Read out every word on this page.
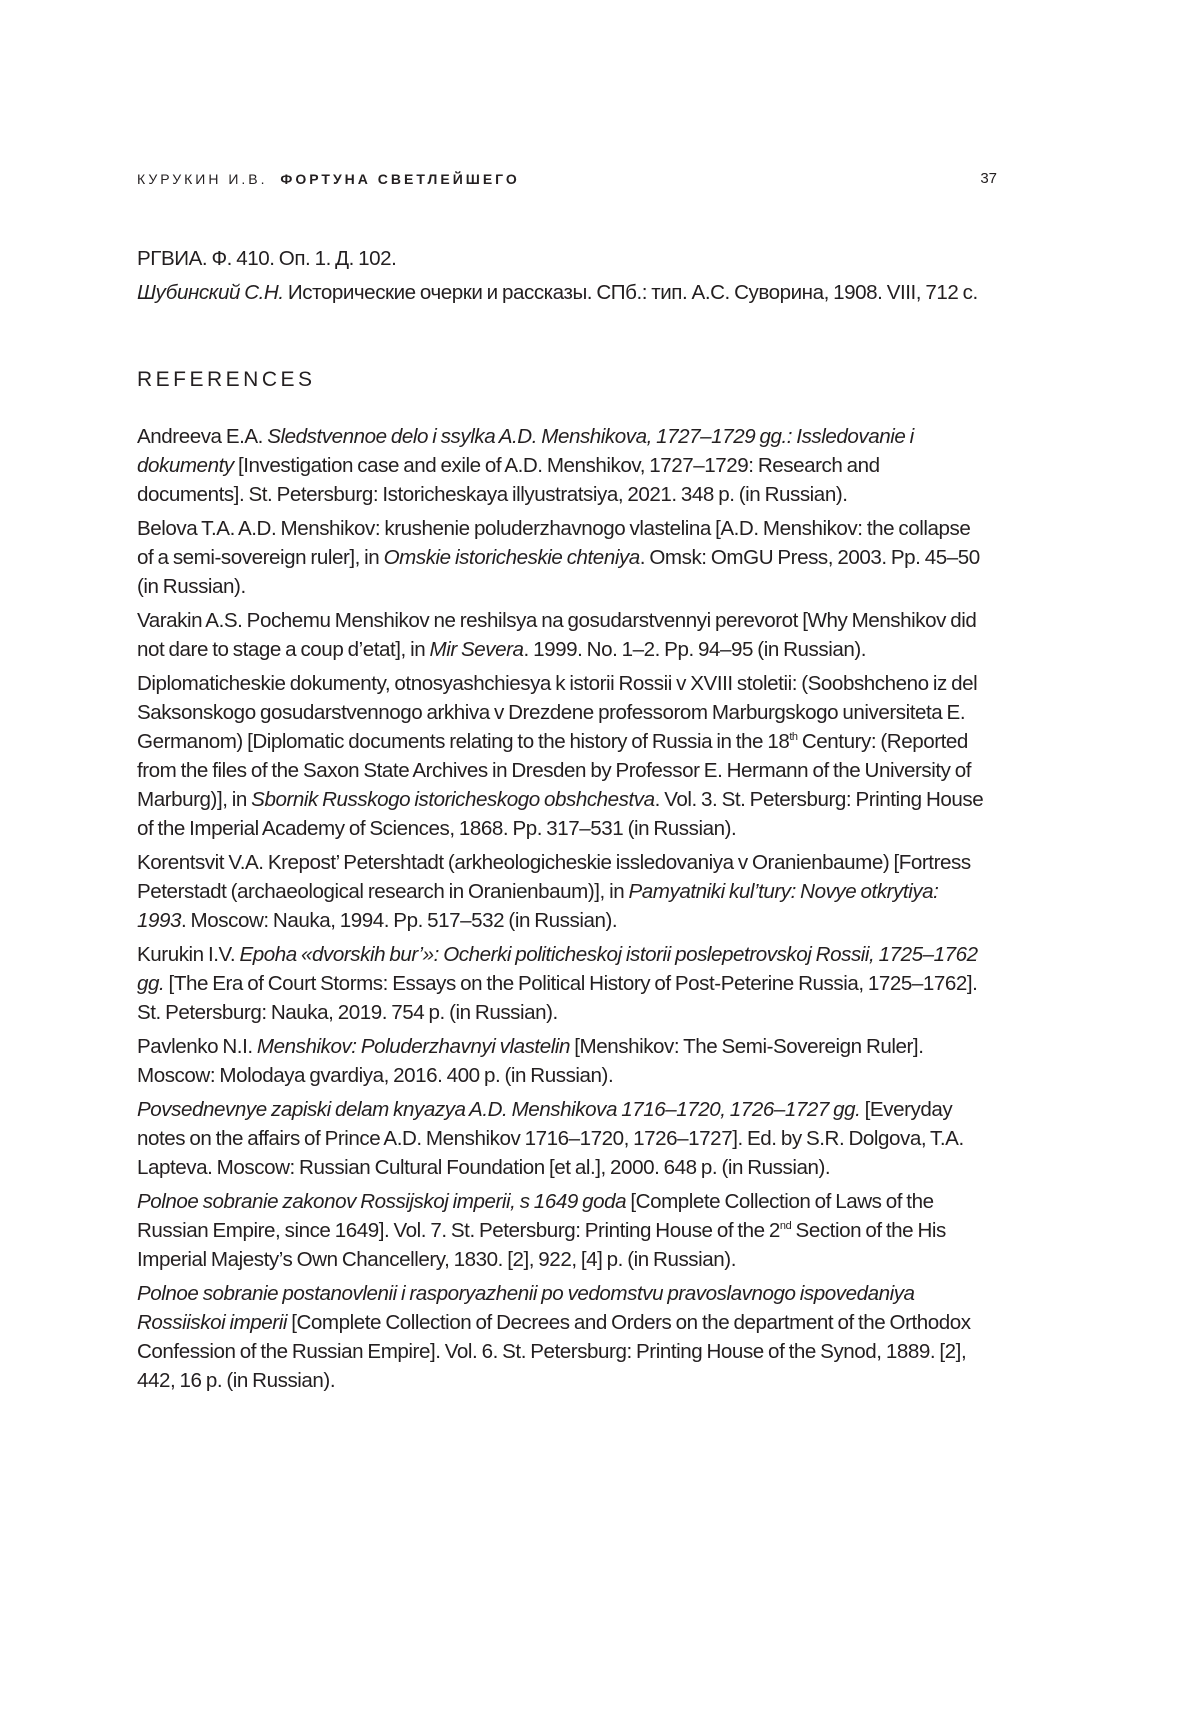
КУРУКИН И.В. ФОРТУНА СВЕТЛЕЙШЕГО	37

РГВИА. Ф. 410. Оп. 1. Д. 102.

Шубинский С.Н. Исторические очерки и рассказы. СПб.: тип. А.С. Суворина, 1908. VIII, 712 с.

REFERENCES

Andreeva E.A. Sledstvennoe delo i ssylka A.D. Menshikova, 1727–1729 gg.: Issledovanie i dokumenty [Investigation case and exile of A.D. Menshikov, 1727–1729: Research and documents]. St. Petersburg: Istoricheskaya illyustratsiya, 2021. 348 p. (in Russian).

Belova T.A. A.D. Menshikov: krushenie poluderzhavnogo vlastelina [A.D. Menshikov: the collapse of a semi-sovereign ruler], in Omskie istoricheskie chteniya. Omsk: OmGU Press, 2003. Pp. 45–50 (in Russian).

Varakin A.S. Pochemu Menshikov ne reshilsya na gosudarstvennyi perevorot [Why Menshikov did not dare to stage a coup d’etat], in Mir Severa. 1999. No. 1–2. Pp. 94–95 (in Russian).

Diplomaticheskie dokumenty, otnosyashchiesya k istorii Rossii v XVIII stoletii: (Soobshcheno iz del Saksonskogo gosudarstvennogo arkhiva v Drezdene professorom Marburgskogo universiteta E. Germanom) [Diplomatic documents relating to the history of Russia in the 18th Century: (Reported from the files of the Saxon State Archives in Dresden by Professor E. Hermann of the University of Marburg)], in Sbornik Russkogo istoricheskogo obshchestva. Vol. 3. St. Petersburg: Printing House of the Imperial Academy of Sciences, 1868. Pp. 317–531 (in Russian).

Korentsvit V.A. Krepost’ Petershtadt (arkheologicheskie issledovaniya v Oranienbaume) [Fortress Peterstadt (archaeological research in Oranienbaum)], in Pamyatniki kul’tury: Novye otkrytiya: 1993. Moscow: Nauka, 1994. Pp. 517–532 (in Russian).

Kurukin I.V. Epoha «dvorskih bur’»: Ocherki politicheskoj istorii poslepetrovskoj Rossii, 1725–1762 gg. [The Era of Court Storms: Essays on the Political History of Post-Peterine Russia, 1725–1762]. St. Petersburg: Nauka, 2019. 754 p. (in Russian).

Pavlenko N.I. Menshikov: Poluderzhavnyi vlastelin [Menshikov: The Semi-Sovereign Ruler]. Moscow: Molodaya gvardiya, 2016. 400 p. (in Russian).

Povsednevnye zapiski delam knyazya A.D. Menshikova 1716–1720, 1726–1727 gg. [Everyday notes on the affairs of Prince A.D. Menshikov 1716–1720, 1726–1727]. Ed. by S.R. Dolgova, T.A. Lapteva. Moscow: Russian Cultural Foundation [et al.], 2000. 648 p. (in Russian).

Polnoe sobranie zakonov Rossijskoj imperii, s 1649 goda [Complete Collection of Laws of the Russian Empire, since 1649]. Vol. 7. St. Petersburg: Printing House of the 2nd Section of the His Imperial Majesty’s Own Chancellery, 1830. [2], 922, [4] p. (in Russian).

Polnoe sobranie postanovlenii i rasporyazhenii po vedomstvu pravoslavnogo ispovedaniya Rossiiskoi imperii [Complete Collection of Decrees and Orders on the department of the Orthodox Confession of the Russian Empire]. Vol. 6. St. Petersburg: Printing House of the Synod, 1889. [2], 442, 16 p. (in Russian).
